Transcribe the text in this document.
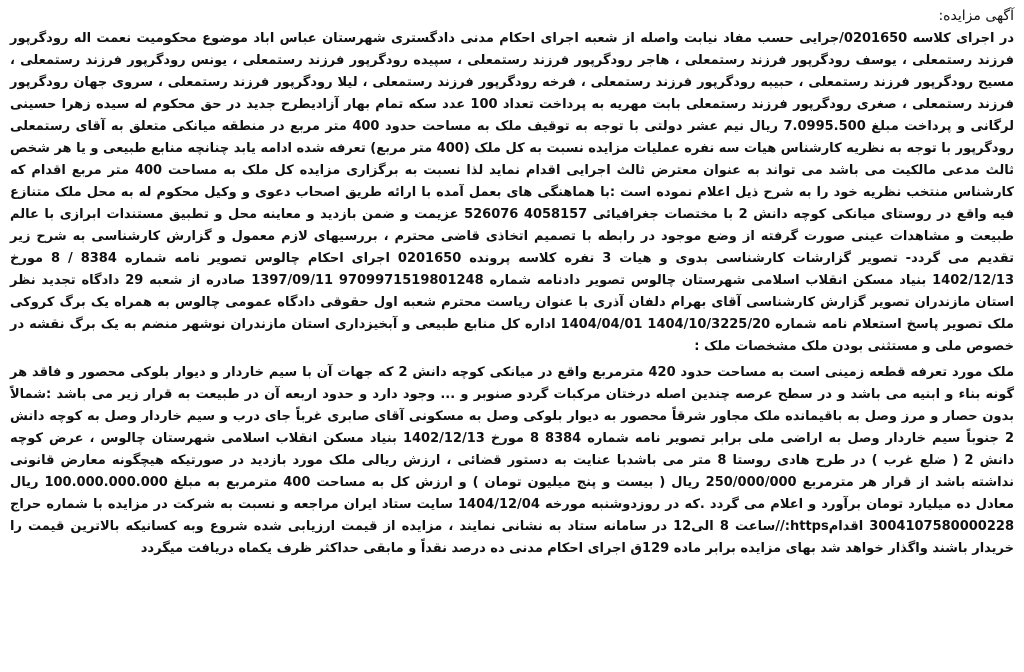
آگهی مزایده:

در اجرای کلاسه 0201650/جرایی حسب مفاد نیابت واصله از شعبه اجرای احکام مدنی دادگستری شهرستان عباس اباد موضوع محکومیت نعمت اله رودگرپور فرزند رستمعلی ، یوسف رودگرپور فرزند رستمعلی ، هاجر رودگرپور فرزند رستمعلی ، سپیده رودگرپور فرزند رستمعلی ، یونس رودگرپور فرزند رستمعلی ، مسیح رودگرپور فرزند رستمعلی ، حبیبه رودگرپور فرزند رستمعلی ، فرخه رودگرپور فرزند رستمعلی ، لیلا رودگرپور فرزند رستمعلی ، سروی جهان رودگرپور فرزند رستمعلی ، صغری رودگرپور فرزند رستمعلی بابت مهریه به پرداخت تعداد 100 عدد سکه تمام بهار آزادیطرح جدید در حق محکوم له سیده زهرا حسینی لرگانی و پرداخت مبلغ 7.0995.500 ریال نیم عشر دولتی با توجه به توقیف ملک به مساحت حدود 400 متر مربع در منطقه میانکی متعلق به آقای رستمعلی رودگرپور با توجه به نظریه کارشناس هیات سه نفره عملیات مزایده نسبت به کل ملک (400 متر مربع) تعرفه شده ادامه یابد چنانچه منابع طبیعی و یا هر شخص ثالث مدعی مالکیت می باشد می تواند به عنوان معترض ثالث اجرایی اقدام نماید لذا نسبت به برگزاری مزایده کل ملک به مساحت 400 متر مربع اقدام که کارشناس منتخب نظریه خود را به شرح ذیل اعلام نموده است :با هماهنگی های بعمل آمده با ارائه طریق اصحاب دعوی و وکیل محکوم له به محل ملک متنازع فیه واقع در روستای میانکی کوچه دانش 2 با مختصات جغرافیائی 4058157 526076 عزیمت و ضمن بازدید و معاینه محل و تطبیق مستندات ابرازی با عالم طبیعت و مشاهدات عینی صورت گرفته از وضع موجود در رابطه با تصمیم اتخاذی قاضی محترم ، بررسیهای لازم معمول و گزارش کارشناسی به شرح زیر تقدیم می گردد- تصویر گزارشات کارشناسی بدوی و هیات 3 نفره کلاسه پرونده 0201650 اجرای احکام چالوس تصویر نامه شماره 8384 / 8 مورخ 1402/12/13 بنیاد مسکن انقلاب اسلامی شهرستان چالوس تصویر دادنامه شماره 9709971519801248 1397/09/11 صادره از شعبه 29 دادگاه تجدید نظر استان مازندران تصویر گزارش کارشناسی آقای بهرام دلفان آذری با عنوان ریاست محترم شعبه اول حقوقی دادگاه عمومی چالوس به همراه یک برگ کروکی ملک تصویر پاسخ استعلام نامه شماره 1404/10/3225/20 1404/04/01 اداره کل منابع طبیعی و آبخیزداری استان مازندران نوشهر منضم به یک برگ نقشه در خصوص ملی و مستثنی بودن ملک مشخصات ملک :

ملک مورد تعرفه قطعه زمینی است به مساحت حدود 420 مترمربع واقع در میانکی کوچه دانش 2 که جهات آن با سیم خاردار و دیوار بلوکی محصور و فاقد هر گونه بناء و ابنیه می باشد و در سطح عرصه چندین اصله درختان مرکبات گردو صنوبر و ... وجود دارد و حدود اربعه آن در طبیعت به قرار زیر می باشد :شمالاً بدون حصار و مرز وصل به باقیمانده ملک مجاور شرقاً محصور به دیوار بلوکی وصل به مسکونی آقای صابری غرباً جای درب و سیم خاردار وصل به کوچه دانش 2 جنوباً سیم خاردار وصل به اراضی ملی برابر تصویر نامه شماره 8384 8 مورخ 1402/12/13 بنیاد مسکن انقلاب اسلامی شهرستان چالوس ، عرض کوچه دانش 2 ( ضلع غرب ) در طرح هادی روستا 8 متر می باشدبا عنایت به دستور قضائی ، ارزش ریالی ملک مورد بازدید در صورتیکه هیچگونه معارض قانونی نداشته باشد از قرار هر مترمربع 250/000/000 ریال ( بیست و پنج میلیون تومان ) و ارزش کل به مساحت 400 مترمربع به مبلغ 100.000.000.000 ریال معادل ده میلیارد تومان برآورد و اعلام می گردد .که در روزدوشنبه مورخه 1404/12/04 سایت ستاد ایران مراجعه و نسبت به شرکت در مزایده با شماره حراج 3004107580000228 اقدامhttps://ساعت 8 الی12 در سامانه ستاد به نشانی نمایند ، مزایده از قیمت ارزیابی شده شروع وبه کسانیکه بالاترین قیمت را خریدار باشند واگذار خواهد شد بهای مزایده برابر ماده 129ق اجرای احکام مدنی ده درصد نقداً و مابقی حداکثر ظرف یکماه دریافت میگردد
